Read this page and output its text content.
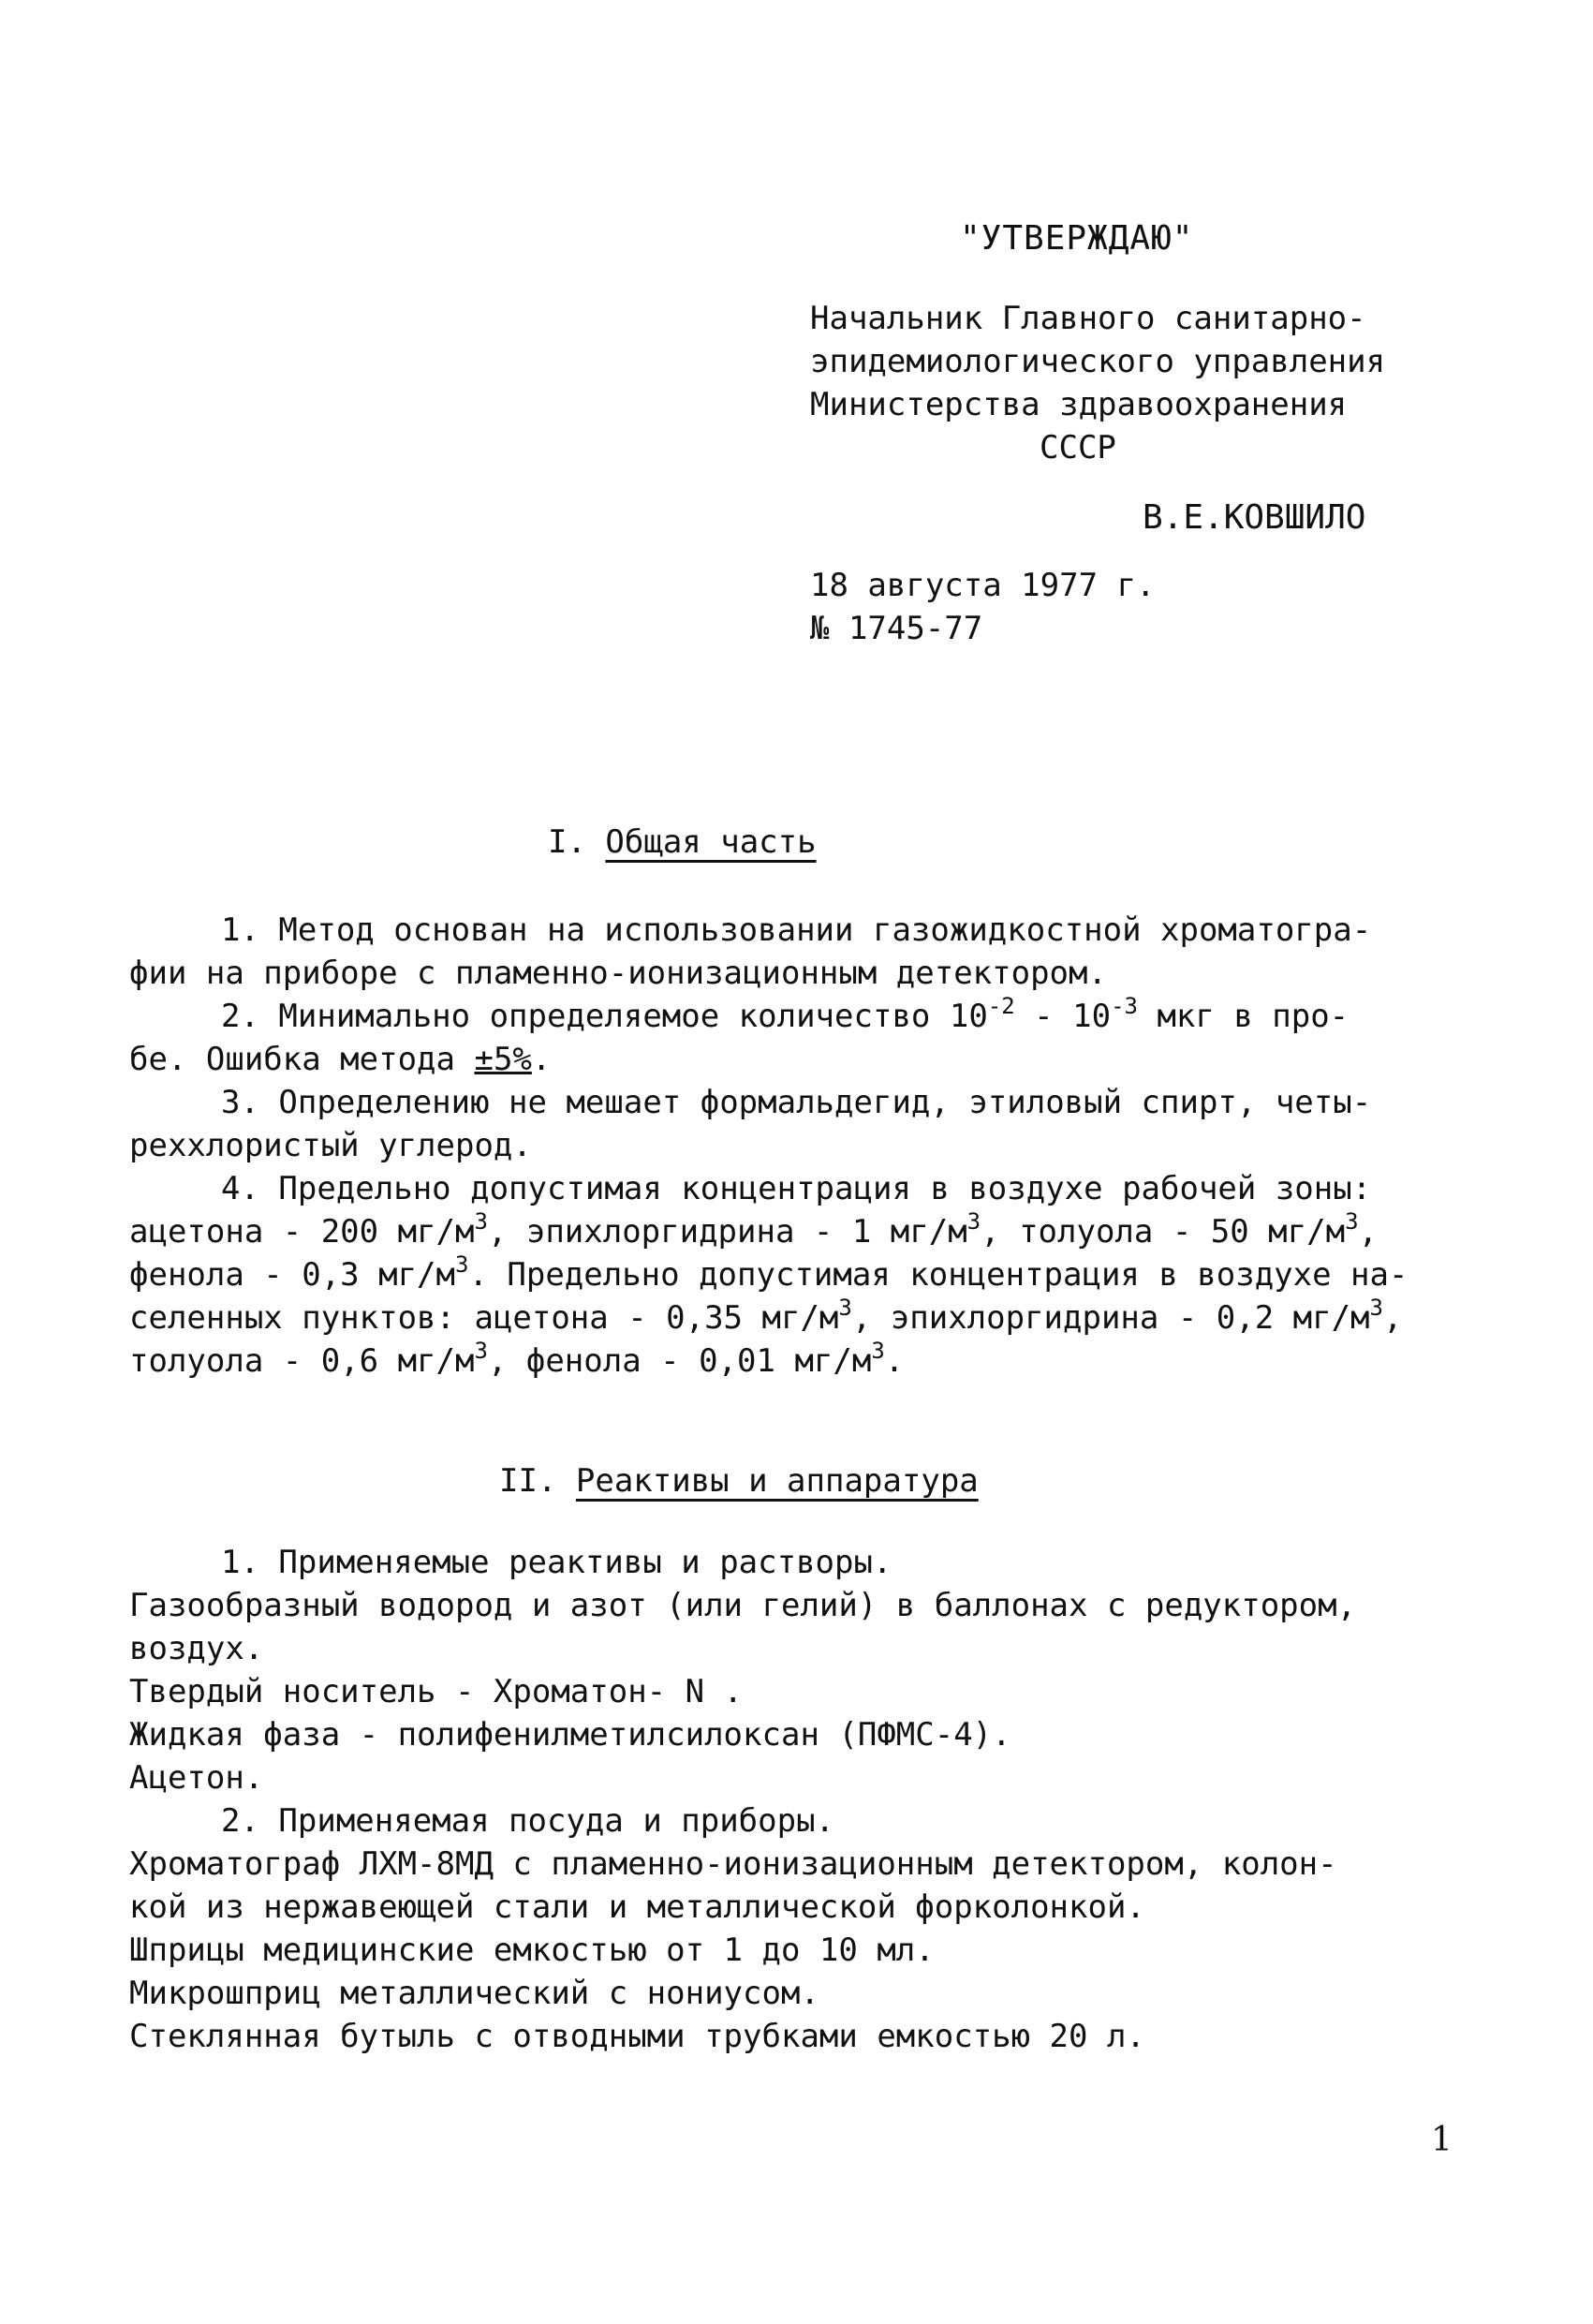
"УТВЕРЖДАЮ"
Начальник Главного санитарно-
эпидемиологического управления
Министерства здравоохранения
СССР
В.Е.КОВШИЛО
18 августа 1977 г.
№ 1745-77
I. Общая часть
1. Метод основан на использовании газожидкостной хроматогра-
фии на приборе с пламенно-ионизационным детектором.
2. Минимально определяемое количество $10^{-2} - 10^{-3}$ мкг в про-
бе. Ошибка метода ±5%.
3. Определению не мешает формальдегид, этиловый спирт, четы-
реххлористый углерод.
4. Предельно допустимая концентрация в воздухе рабочей зоны:
ацетона - 200 $мг/м^3$, эпихлоргидрина - 1 $мг/м^3$, толуола - 50 $мг/м^3$,
фенола - 0,3 $мг/м^3$. Предельно допустимая концентрация в воздухе на-
селенных пунктов: ацетона - 0,35 $мг/м^3$, эпихлоргидрина - 0,2 $мг/м^3$,
толуола - 0,6 $мг/м^3$, фенола - 0,01 $мг/м^3$.
II. Реактивы и аппаратура
1. Применяемые реактивы и растворы.
Газообразный водород и азот (или гелий) в баллонах с редуктором,
воздух.
Твердый носитель - Хроматон- N .
Жидкая фаза - полифенилметилсилоксан (ПФМС-4).
Ацетон.
2. Применяемая посуда и приборы.
Хроматограф ЛХМ-8МД с пламенно-ионизационным детектором, колон-
кой из нержавеющей стали и металлической форколонкой.
Шприцы медицинские емкостью от 1 до 10 мл.
Микрошприц металлический с нониусом.
Стеклянная бутыль с отводными трубками емкостью 20 л.
1
